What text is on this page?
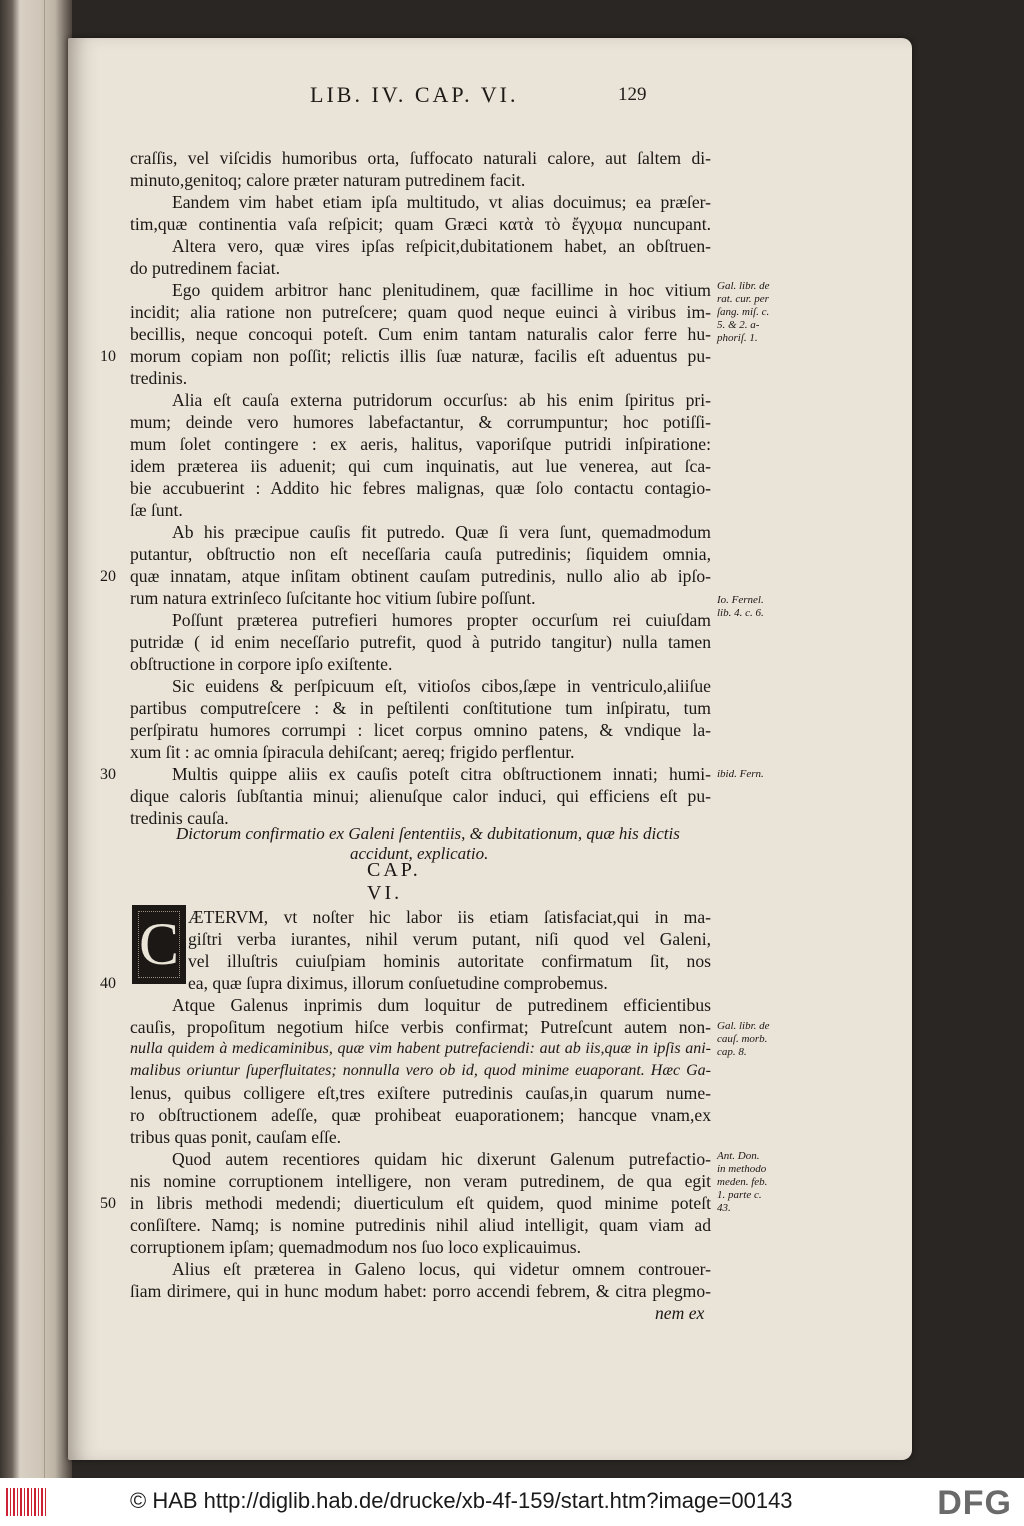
LIB. IV. CAP. VI.	129
craſſis, vel viſcidis humoribus orta, ſuffocato naturali calore, aut ſaltem di-
minuto,genitoq; calore præter naturam putredinem facit.
Eandem vim habet etiam ipſa multitudo, vt alias docuimus; ea præſer-
tim,quæ continentia vaſa reſpicit; quam Græci κατὰ τὸ ἔγχυμα nuncupant.
Altera vero, quæ vires ipſas reſpicit,dubitationem habet, an obſtruen-
do putredinem faciat.
Ego quidem arbitror hanc plenitudinem, quæ facillime in hoc vitium
incidit; alia ratione non putreſcere; quam quod neque euinci à viribus im-
becillis, neque concoqui poteſt. Cum enim tantam naturalis calor ferre hu-
morum copiam non poſſit; relictis illis ſuæ naturæ, facilis eſt aduentus pu-
tredinis.
Alia eſt cauſa externa putridorum occurſus: ab his enim ſpiritus pri-
mum; deinde vero humores labefactantur, & corrumpuntur; hoc potiſſi-
mum ſolet contingere : ex aeris, halitus, vaporiſque putridi inſpiratione:
idem præterea iis aduenit; qui cum inquinatis, aut lue venerea, aut ſca-
bie accubuerint : Addito hic febres malignas, quæ ſolo contactu contagio-
ſæ ſunt.
Ab his præcipue cauſis fit putredo. Quæ ſi vera ſunt, quemadmodum
putantur, obſtructio non eſt neceſſaria cauſa putredinis; ſiquidem omnia,
quæ innatam, atque inſitam obtinent cauſam putredinis, nullo alio ab ipſo-
rum natura extrinſeco ſuſcitante hoc vitium ſubire poſſunt.
Poſſunt præterea putrefieri humores propter occurſum rei cuiuſdam
putridæ ( id enim neceſſario putrefit, quod à putrido tangitur) nulla tamen
obſtructione in corpore ipſo exiſtente.
Sic euidens & perſpicuum eſt, vitioſos cibos,ſæpe in ventriculo,aliiſue
partibus computreſcere : & in peſtilenti conſtitutione tum inſpiratu, tum
perſpiratu humores corrumpi : licet corpus omnino patens, & vndique la-
xum ſit : ac omnia ſpiracula dehiſcant; aereq; frigido perflentur.
Multis quippe aliis ex cauſis poteſt citra obſtructionem innati; humi-
dique caloris ſubſtantia minui; alienuſque calor induci, qui efficiens eſt pu-
tredinis cauſa.
Dictorum confirmatio ex Galeni ſententiis, & dubitationum, quæ his dictis
accidunt, explicatio.
CAP. VI.
C ÆTERVM, vt noſter hic labor iis etiam ſatisfaciat,qui in ma-
giſtri verba iurantes, nihil verum putant, niſi quod vel Galeni,
vel illuſtris cuiuſpiam hominis autoritate confirmatum ſit, nos
ea, quæ ſupra diximus, illorum conſuetudine comprobemus.
Atque Galenus inprimis dum loquitur de putredinem efficientibus
cauſis, propoſitum negotium hiſce verbis confirmat; Putreſcunt autem non-
nulla quidem à medicaminibus, quæ vim habent putrefaciendi: aut ab iis,quæ in ipſis ani-
malibus oriuntur ſuperfluitates; nonnulla vero ob id, quod minime euaporant. Hæc Ga-
lenus, quibus colligere eſt,tres exiſtere putredinis cauſas,in quarum nume-
ro obſtructionem adeſſe, quæ prohibeat euaporationem; hancque vnam,ex
tribus quas ponit, cauſam eſſe.
Quod autem recentiores quidam hic dixerunt Galenum putrefactio-
nis nomine corruptionem intelligere, non veram putredinem, de qua egit
in libris methodi medendi; diuerticulum eſt quidem, quod minime poteſt
conſiſtere. Namq; is nomine putredinis nihil aliud intelligit, quam viam ad
corruptionem ipſam; quemadmodum nos ſuo loco explicauimus.
Alius eſt præterea in Galeno locus, qui videtur omnem controuer-
ſiam dirimere, qui in hunc modum habet: porro accendi febrem, & citra plegmo-
nem ex
10
20
30
40
50
Gal. libr. de
rat. cur. per
ſang. miſ. c.
5. & 2. a-
phoriſ. 1.
Io. Fernel.
lib. 4. c. 6.
ibid. Fern.
Gal. libr. de
cauſ. morb.
cap. 8.
Ant. Don.
in methodo
meden. feb.
1. parte c.
43.
© HAB http://diglib.hab.de/drucke/xb-4f-159/start.htm?image=00143	DFG
